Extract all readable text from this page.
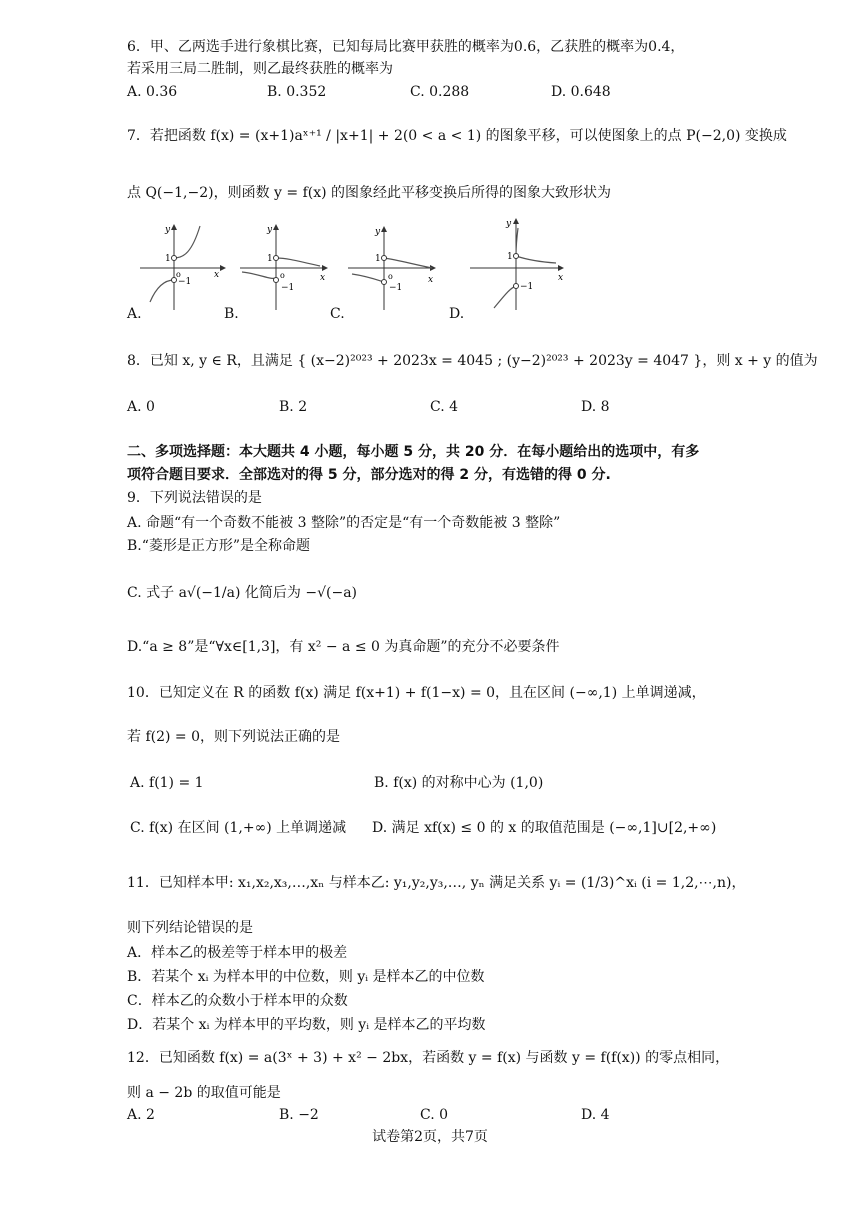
6．甲、乙两选手进行象棋比赛，已知每局比赛甲获胜的概率为0.6，乙获胜的概率为0.4，
若采用三局二胜制，则乙最终获胜的概率为
A. 0.36	B. 0.352	C. 0.288	D. 0.648
7．若把函数 f(x) = (x+1)aˣ⁺¹ / |x+1| + 2(0 < a < 1) 的图象平移，可以使图象上的点 P(−2,0) 变换成
点 Q(−1,−2)，则函数 y = f(x) 的图象经此平移变换后所得的图象大致形状为
y
x
1
o
−1
y
x
1
o
−1
y
x
1
o
−1
y
x
1
−1
A.	B.	C.	D.
8．已知 x, y ∈ R，且满足 { (x−2)²⁰²³ + 2023x = 4045 ; (y−2)²⁰²³ + 2023y = 4047 }，则 x + y 的值为
A. 0	B. 2	C. 4	D. 8
二、多项选择题：本大题共 4 小题，每小题 5 分，共 20 分．在每小题给出的选项中，有多
项符合题目要求．全部选对的得 5 分，部分选对的得 2 分，有选错的得 0 分.
9．下列说法错误的是
A. 命题“有一个奇数不能被 3 整除”的否定是“有一个奇数能被 3 整除”
B.“菱形是正方形”是全称命题
C. 式子 a√(−1/a) 化简后为 −√(−a)
D.“a ≥ 8”是“∀x∈[1,3]，有 x² − a ≤ 0 为真命题”的充分不必要条件
10．已知定义在 R 的函数 f(x) 满足 f(x+1) + f(1−x) = 0，且在区间 (−∞,1) 上单调递减，
若 f(2) = 0，则下列说法正确的是
A. f(1) = 1	B. f(x) 的对称中心为 (1,0)
C. f(x) 在区间 (1,+∞) 上单调递减 D. 满足 xf(x) ≤ 0 的 x 的取值范围是 (−∞,1]∪[2,+∞)
11．已知样本甲: x₁,x₂,x₃,…,xₙ 与样本乙: y₁,y₂,y₃,…, yₙ 满足关系 yᵢ = (1/3)^xᵢ (i = 1,2,⋯,n)，
则下列结论错误的是
A．样本乙的极差等于样本甲的极差
B．若某个 xᵢ 为样本甲的中位数，则 yᵢ 是样本乙的中位数
C．样本乙的众数小于样本甲的众数
D．若某个 xᵢ 为样本甲的平均数，则 yᵢ 是样本乙的平均数
12．已知函数 f(x) = a(3ˣ + 3) + x² − 2bx，若函数 y = f(x) 与函数 y = f(f(x)) 的零点相同，
则 a − 2b 的取值可能是
A. 2	B. −2	C. 0	D. 4
试卷第2页，共7页
